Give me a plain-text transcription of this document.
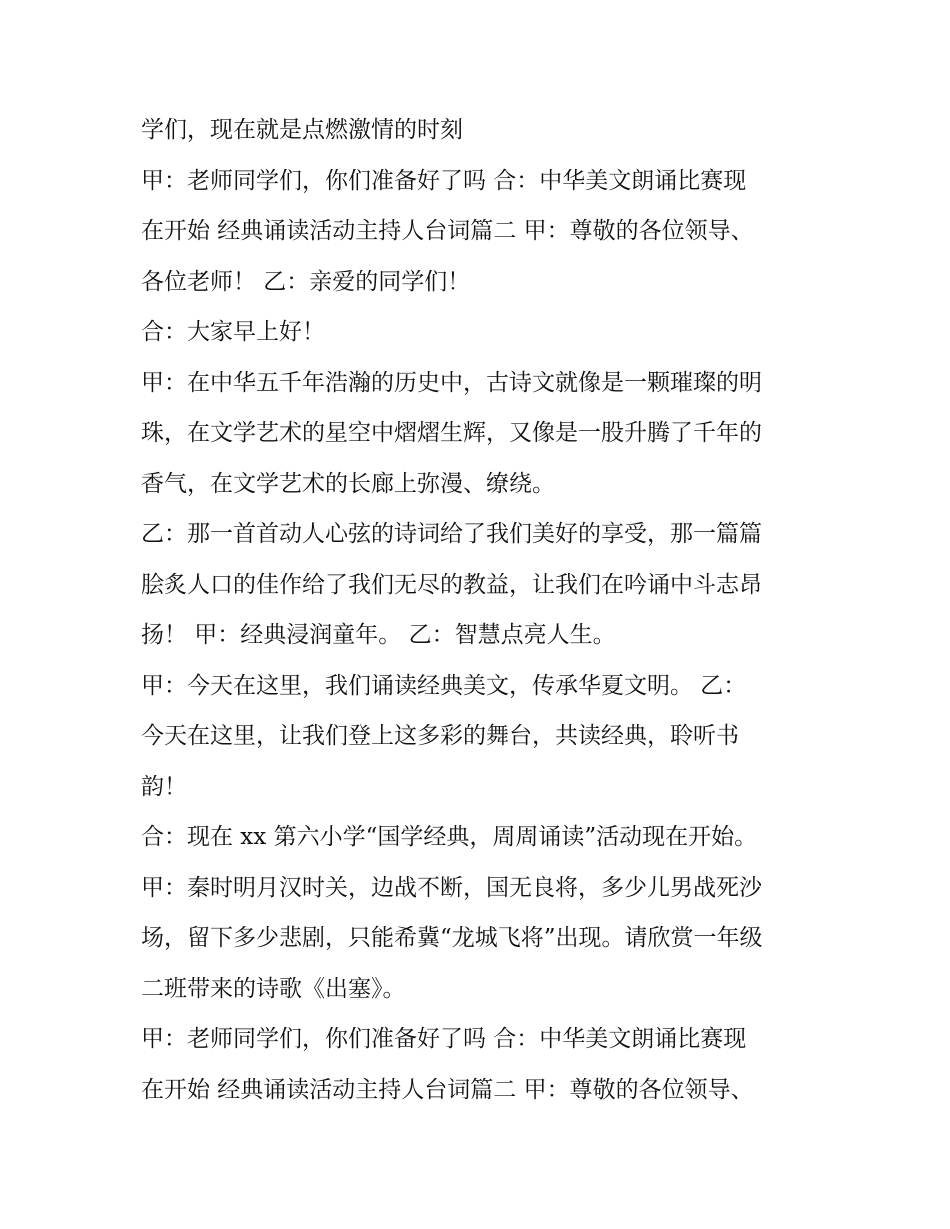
学们，现在就是点燃激情的时刻

甲：老师同学们，你们准备好了吗 合：中华美文朗诵比赛现

在开始 经典诵读活动主持人台词篇二 甲：尊敬的各位领导、

各位老师！ 乙：亲爱的同学们！

合：大家早上好！

甲：在中华五千年浩瀚的历史中，古诗文就像是一颗璀璨的明

珠，在文学艺术的星空中熠熠生辉，又像是一股升腾了千年的

香气，在文学艺术的长廊上弥漫、缭绕。

乙：那一首首动人心弦的诗词给了我们美好的享受，那一篇篇

脍炙人口的佳作给了我们无尽的教益，让我们在吟诵中斗志昂

扬！ 甲：经典浸润童年。 乙：智慧点亮人生。

甲：今天在这里，我们诵读经典美文，传承华夏文明。 乙：

今天在这里，让我们登上这多彩的舞台，共读经典，聆听书

韵！

合：现在 xx 第六小学“国学经典，周周诵读”活动现在开始。

甲：秦时明月汉时关，边战不断，国无良将，多少儿男战死沙

场，留下多少悲剧，只能希冀“龙城飞将”出现。请欣赏一年级

二班带来的诗歌《出塞》。

甲：老师同学们，你们准备好了吗 合：中华美文朗诵比赛现

在开始 经典诵读活动主持人台词篇二 甲：尊敬的各位领导、
